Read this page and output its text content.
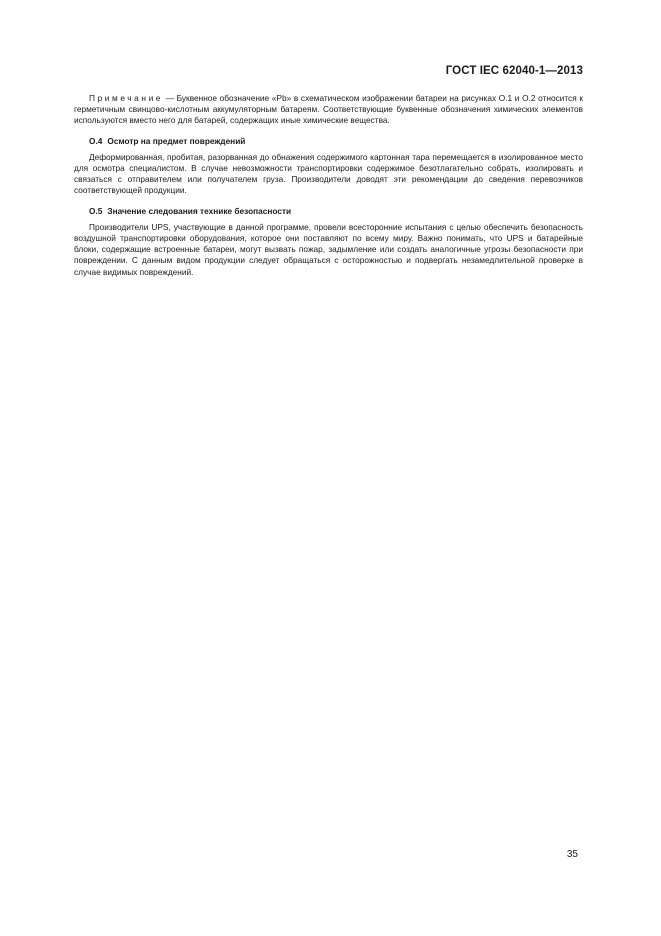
ГОСТ IEC 62040-1—2013

Примечание — Буквенное обозначение «Pb» в схематическом изображении батареи на рисунках О.1 и О.2 относится к герметичным свинцово-кислотным аккумуляторным батареям. Соответствующие буквенные обозначения химических элементов используются вместо него для батарей, содержащих иные химические вещества.

О.4 Осмотр на предмет повреждений

Деформированная, пробитая, разорванная до обнажения содержимого картонная тара перемещается в изолированное место для осмотра специалистом. В случае невозможности транспортировки содержимое безотлагательно собрать, изолировать и связаться с отправителем или получателем груза. Производители доводят эти рекомендации до сведения перевозчиков соответствующей продукции.

О.5 Значение следования технике безопасности

Производители UPS, участвующие в данной программе, провели всесторонние испытания с целью обеспечить безопасность воздушной транспортировки оборудования, которое они поставляют по всему миру. Важно понимать, что UPS и батарейные блоки, содержащие встроенные батареи, могут вызвать пожар, задымление или создать аналогичные угрозы безопасности при повреждении. С данным видом продукции следует обращаться с осторожностью и подвергать незамедлительной проверке в случае видимых повреждений.

35
